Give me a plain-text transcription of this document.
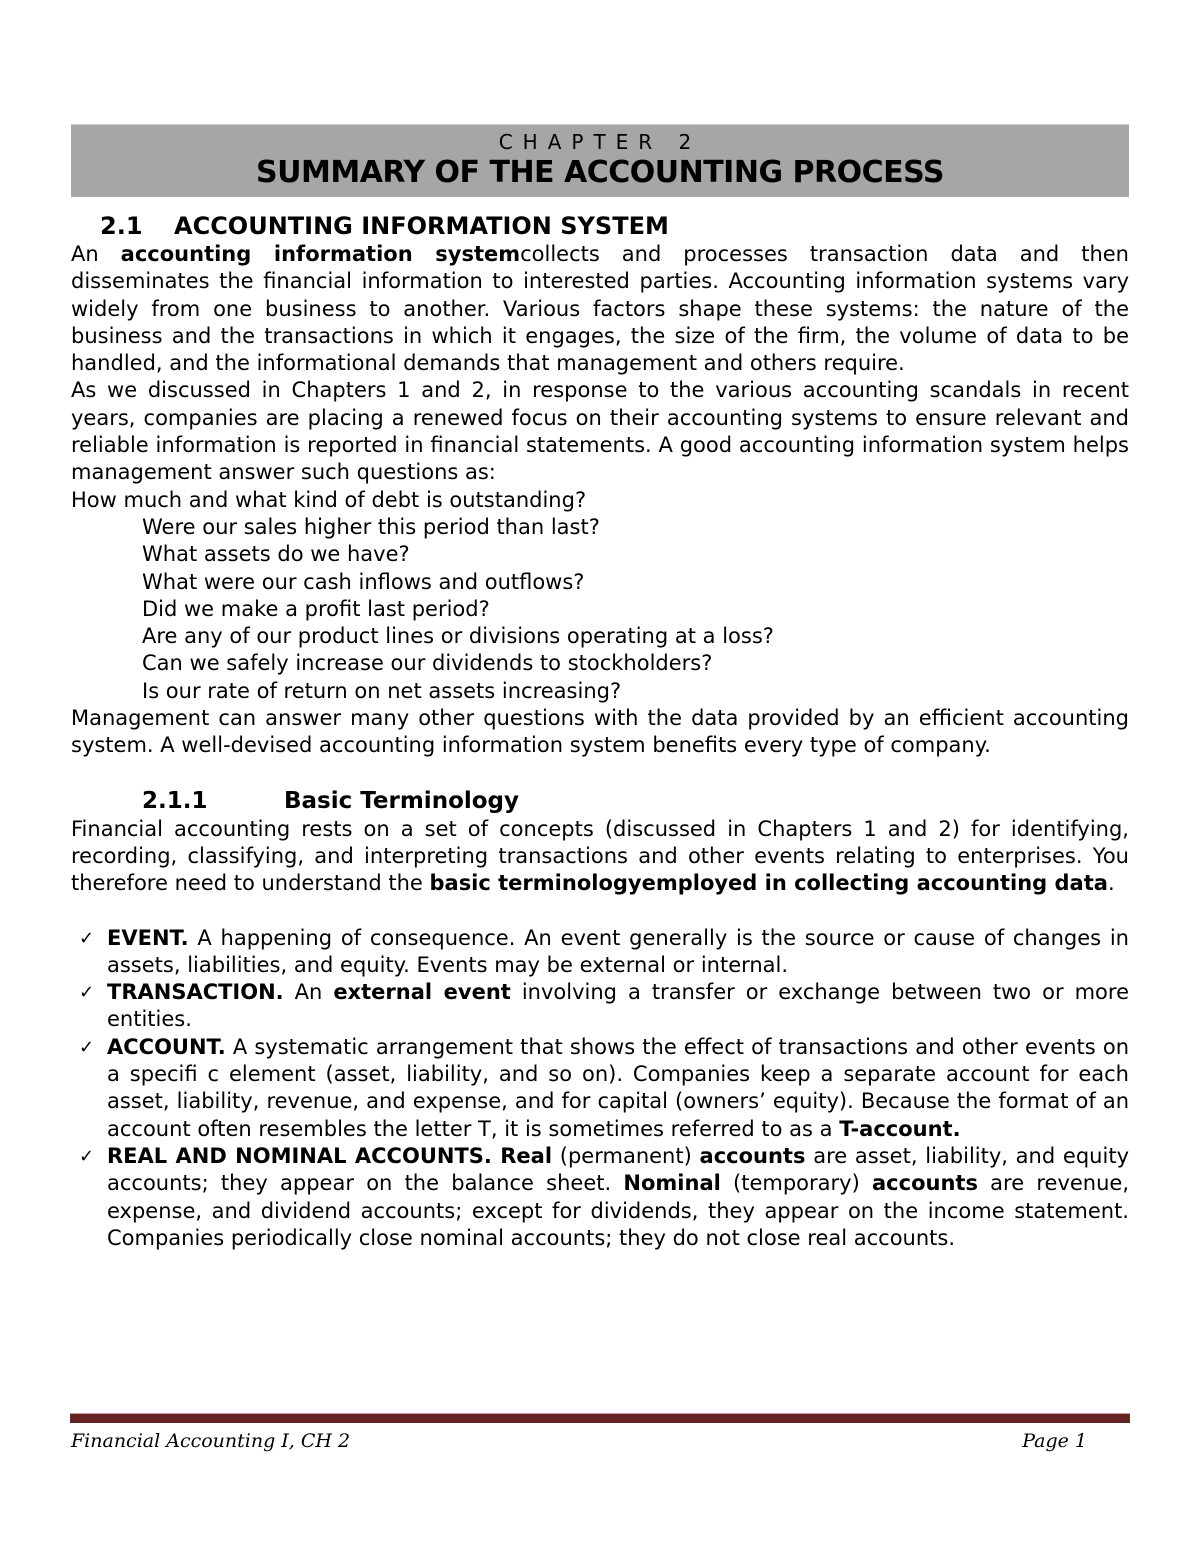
CHAPTER 2
SUMMARY OF THE ACCOUNTING PROCESS
2.1 ACCOUNTING INFORMATION SYSTEM

An accounting information systemcollects and processes transaction data and then disseminates the financial information to interested parties. Accounting information systems vary widely from one business to another. Various factors shape these systems: the nature of the business and the transactions in which it engages, the size of the firm, the volume of data to be handled, and the informational demands that management and others require.

As we discussed in Chapters 1 and 2, in response to the various accounting scandals in recent years, companies are placing a renewed focus on their accounting systems to ensure relevant and reliable information is reported in financial statements. A good accounting information system helps management answer such questions as:

How much and what kind of debt is outstanding?

Were our sales higher this period than last?

What assets do we have?

What were our cash inflows and outflows?

Did we make a profit last period?

Are any of our product lines or divisions operating at a loss?

Can we safely increase our dividends to stockholders?

Is our rate of return on net assets increasing?

Management can answer many other questions with the data provided by an efficient accounting system. A well-devised accounting information system benefits every type of company.

2.1.1	Basic Terminology

Financial accounting rests on a set of concepts (discussed in Chapters 1 and 2) for identifying, recording, classifying, and interpreting transactions and other events relating to enterprises. You therefore need to understand the basic terminologyemployed in collecting accounting data.

✓ EVENT. A happening of consequence. An event generally is the source or cause of changes in assets, liabilities, and equity. Events may be external or internal.
✓ TRANSACTION. An external event involving a transfer or exchange between two or more entities.
✓ ACCOUNT. A systematic arrangement that shows the effect of transactions and other events on a specifi c element (asset, liability, and so on). Companies keep a separate account for each asset, liability, revenue, and expense, and for capital (owners’ equity). Because the format of an account often resembles the letter T, it is sometimes referred to as a T-account.
✓ REAL AND NOMINAL ACCOUNTS. Real (permanent) accounts are asset, liability, and equity accounts; they appear on the balance sheet. Nominal (temporary) accounts are revenue, expense, and dividend accounts; except for dividends, they appear on the income statement. Companies periodically close nominal accounts; they do not close real accounts.
Financial Accounting I, CH 2	Page 1
